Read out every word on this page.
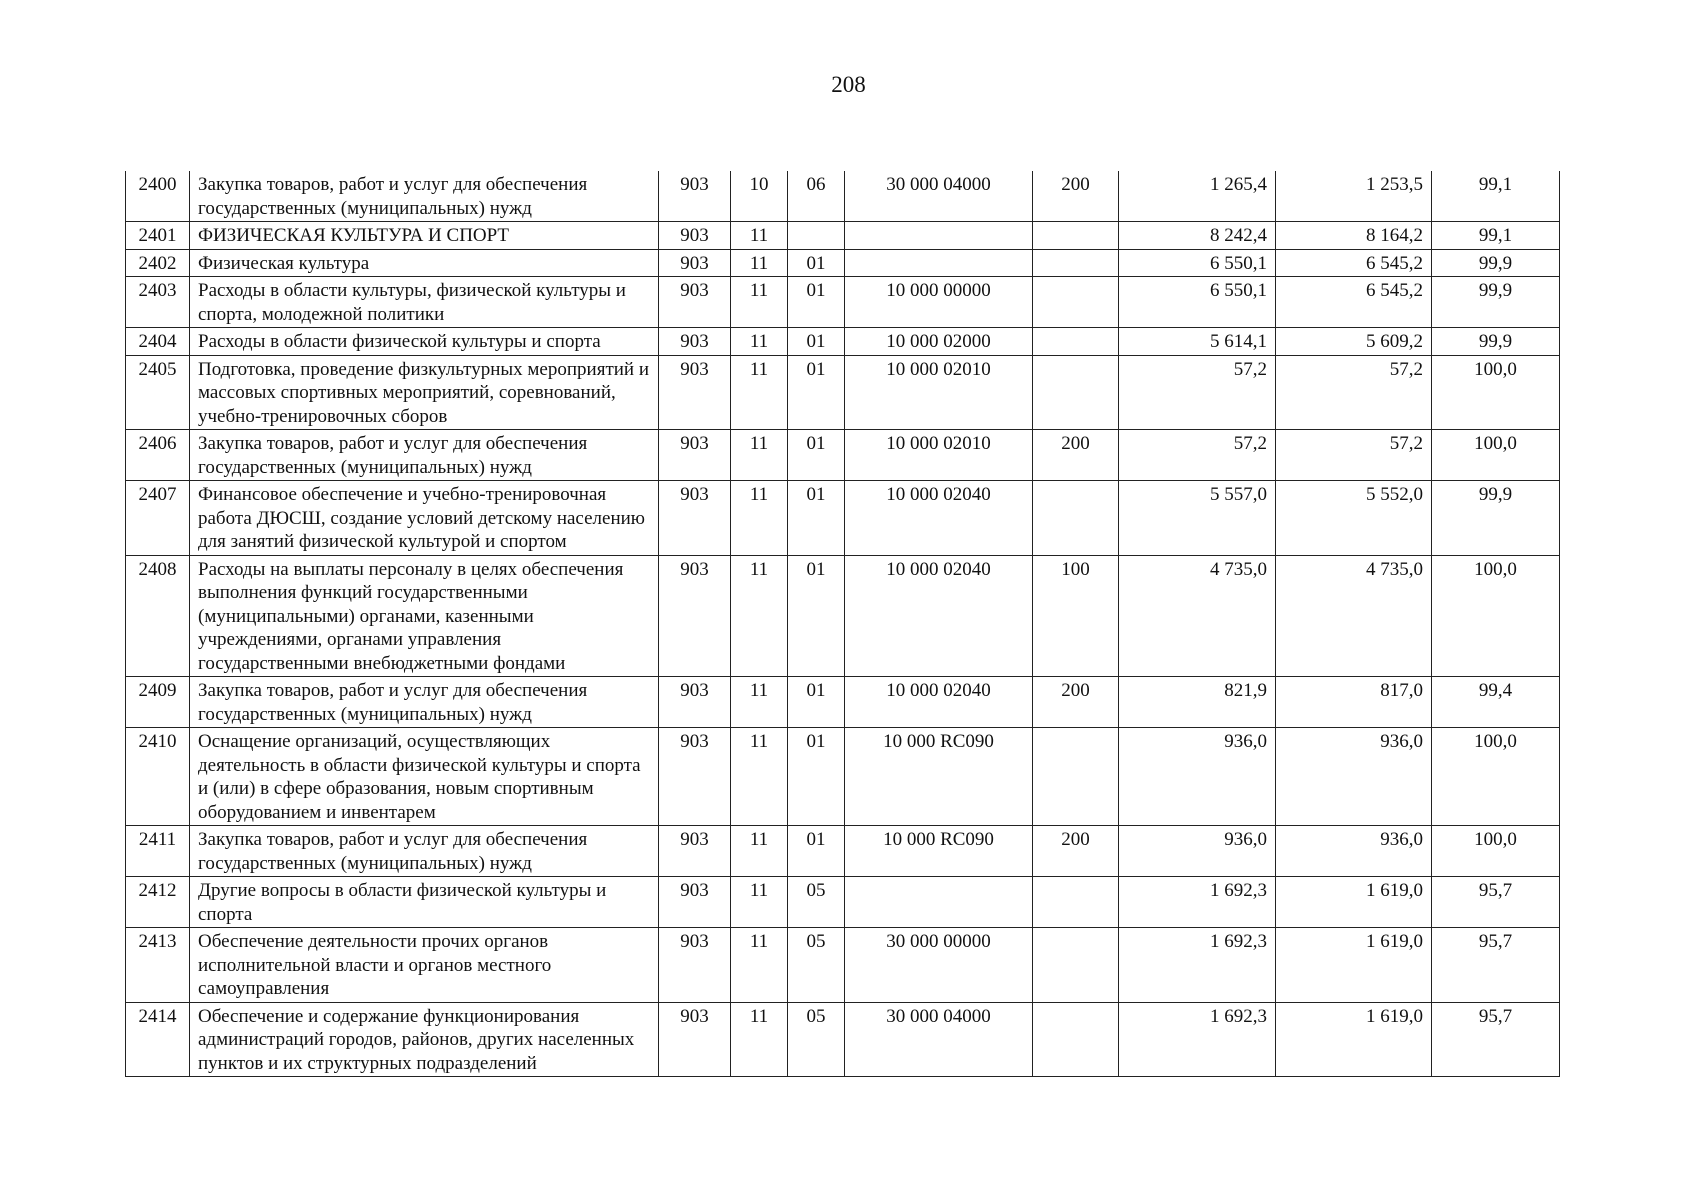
208
2400	Закупка товаров, работ и услуг для обеспечения государственных (муниципальных) нужд	903	10	06	30 000 04000	200	1 265,4	1 253,5	99,1
2401	ФИЗИЧЕСКАЯ КУЛЬТУРА И СПОРТ	903	11				8 242,4	8 164,2	99,1
2402	Физическая культура	903	11	01			6 550,1	6 545,2	99,9
2403	Расходы в области культуры, физической культуры и спорта, молодежной политики	903	11	01	10 000 00000		6 550,1	6 545,2	99,9
2404	Расходы в области физической культуры и спорта	903	11	01	10 000 02000		5 614,1	5 609,2	99,9
2405	Подготовка, проведение физкультурных мероприятий и массовых спортивных мероприятий, соревнований, учебно-тренировочных сборов	903	11	01	10 000 02010		57,2	57,2	100,0
2406	Закупка товаров, работ и услуг для обеспечения государственных (муниципальных) нужд	903	11	01	10 000 02010	200	57,2	57,2	100,0
2407	Финансовое обеспечение и учебно-тренировочная работа ДЮСШ, создание условий детскому населению для занятий физической культурой и спортом	903	11	01	10 000 02040		5 557,0	5 552,0	99,9
2408	Расходы на выплаты персоналу в целях обеспечения выполнения функций государственными (муниципальными) органами, казенными учреждениями, органами управления государственными внебюджетными фондами	903	11	01	10 000 02040	100	4 735,0	4 735,0	100,0
2409	Закупка товаров, работ и услуг для обеспечения государственных (муниципальных) нужд	903	11	01	10 000 02040	200	821,9	817,0	99,4
2410	Оснащение организаций, осуществляющих деятельность в области физической культуры и спорта и (или) в сфере образования, новым спортивным оборудованием и инвентарем	903	11	01	10 000 RC090		936,0	936,0	100,0
2411	Закупка товаров, работ и услуг для обеспечения государственных (муниципальных) нужд	903	11	01	10 000 RC090	200	936,0	936,0	100,0
2412	Другие вопросы в области физической культуры и спорта	903	11	05			1 692,3	1 619,0	95,7
2413	Обеспечение деятельности прочих органов исполнительной власти и органов местного самоуправления	903	11	05	30 000 00000		1 692,3	1 619,0	95,7
2414	Обеспечение и содержание функционирования администраций городов, районов, других населенных пунктов и их структурных подразделений	903	11	05	30 000 04000		1 692,3	1 619,0	95,7
